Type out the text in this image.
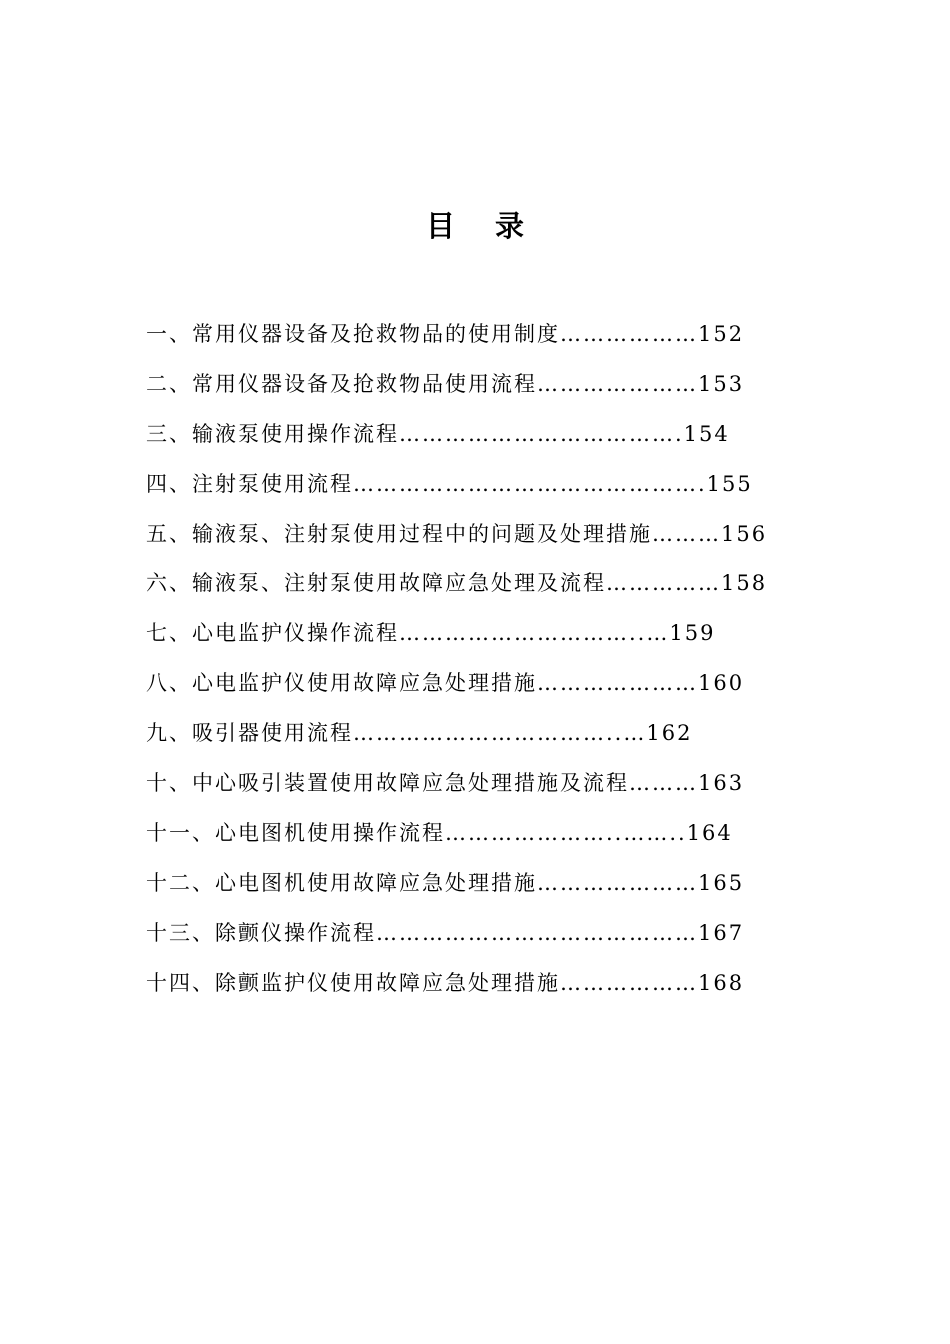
目录
一、常用仪器设备及抢救物品的使用制度………………152
二、常用仪器设备及抢救物品使用流程…………………153
三、输液泵使用操作流程……………………………….154
四、注射泵使用流程……………………………………….155
五、输液泵、注射泵使用过程中的问题及处理措施………156
六、输液泵、注射泵使用故障应急处理及流程……………158
七、心电监护仪操作流程…………………………..…159
八、心电监护仪使用故障应急处理措施…………………160
九、吸引器使用流程……………………………..…162
十、中心吸引装置使用故障应急处理措施及流程………163
十一、心电图机使用操作流程…………………..……..164
十二、心电图机使用故障应急处理措施…………………165
十三、除颤仪操作流程……………………………………167
十四、除颤监护仪使用故障应急处理措施………………168
